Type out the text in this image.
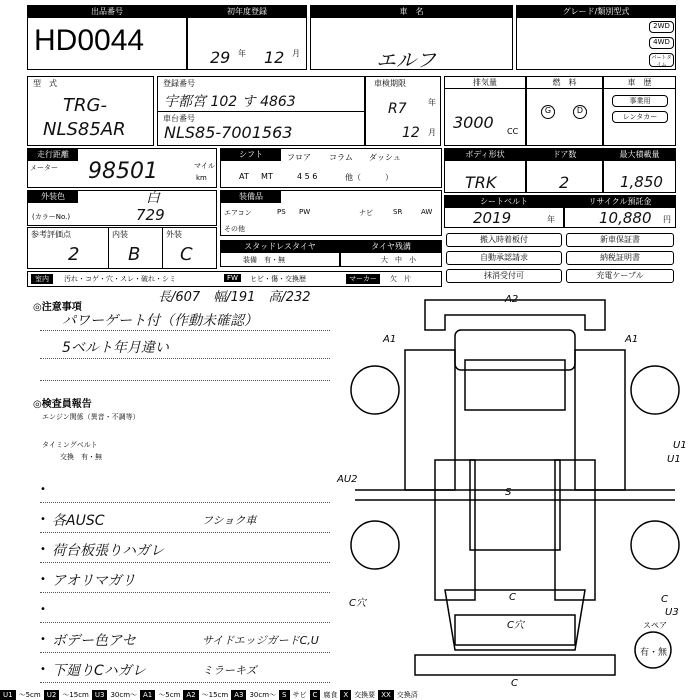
出品番号
HD0044
初年度登録
29 年 12 月
車　名
エルフ
グレード/類別型式
2WD
4WD
パートタイム
型　式
TRG-
NLS85AR
登録番号
宇都宮 102 す 4863
車台番号
NLS85-7001563
車検期限
R7	年
12 月
排気量
3000 CC
燃　料
G	D
車　歴
事業用
レンタカー
走行距離
メーター 98501	マイル
km
シフト	フロア コラム ダッシュ
AT MT	4 5 6	他（　　　）
ボディ形状
TRK
ドア数
2
最大積載量
1,850
外装色
(カラーNo.)
白
729
装備品
エアコン	PS PW	ナビ	SR	AW
その他
シートベルト
2019	年
リサイクル預託金
10,880 円
参考評価点
2
内装
B
外装
C	スタッドレスタイヤ
装備　有・無
タイヤ残溝
大　中　小
搬入時着板付
自動承認請求
抹消受付可
新車保証書
納税証明書
充電ケーブル
室内	汚れ・コゲ・穴・スレ・破れ・シミ	FW	ヒビ・傷・交換歴	マーカー	欠　片
長/607　幅/191　高/232
◎注意事項
パワーゲート付（作動未確認）
5ベルト年月違い
◎検査員報告
エンジン関係（異音・不調等）
タイミングベルト
交換　有・無
•
• 各AUSC	フショク車
• 荷台板張りハガレ
• アオリマガリ
•
• ボデー色アセ	サイドエッジガードC,U
• 下廻りCハガレ	ミラーキズ
A2
A1	A1
U1
U1
AU2
S
C穴	C
U3
C
C穴
C
スペア
有・無
U1 ～5cm U2 ～15cm U3 30cm～ A1 ～5cm A2 ～15cm A3 30cm～ S サビ C 腐食 X 交換要 XX 交換済
